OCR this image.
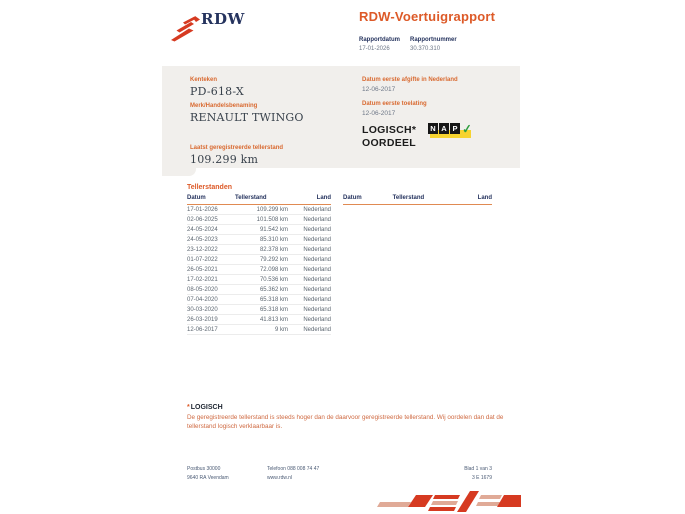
RDW	RDW-Voertuigrapport
Rapportdatum
17-01-2026
Rapportnummer
30.370.310
Kenteken
PD-618-X
Merk/Handelsbenaming
RENAULT TWINGO
Laatst geregistreerde tellerstand
109.299 km
Datum eerste afgifte in Nederland
12-06-2017
Datum eerste toelating
12-06-2017
LOGISCH*
OORDEEL
N A P ✓
Tellerstanden
Datum	Tellerstand	Land
17-01-2026	109.299 km	Nederland
02-06-2025	101.508 km	Nederland
24-05-2024	91.542 km	Nederland
24-05-2023	85.310 km	Nederland
23-12-2022	82.378 km	Nederland
01-07-2022	79.292 km	Nederland
26-05-2021	72.098 km	Nederland
17-02-2021	70.536 km	Nederland
08-05-2020	65.362 km	Nederland
07-04-2020	65.318 km	Nederland
30-03-2020	65.318 km	Nederland
26-03-2019	41.813 km	Nederland
12-06-2017	9 km	Nederland
Datum	Tellerstand	Land
*LOGISCH
De geregistreerde tellerstand is steeds hoger dan de daarvoor geregistreerde tellerstand. Wij oordelen dan dat de tellerstand logisch verklaarbaar is.
Postbus 30000
9640 RA Veendam
Telefoon 088 008 74 47
www.rdw.nl
Blad 1 van 3
3 E 1679
